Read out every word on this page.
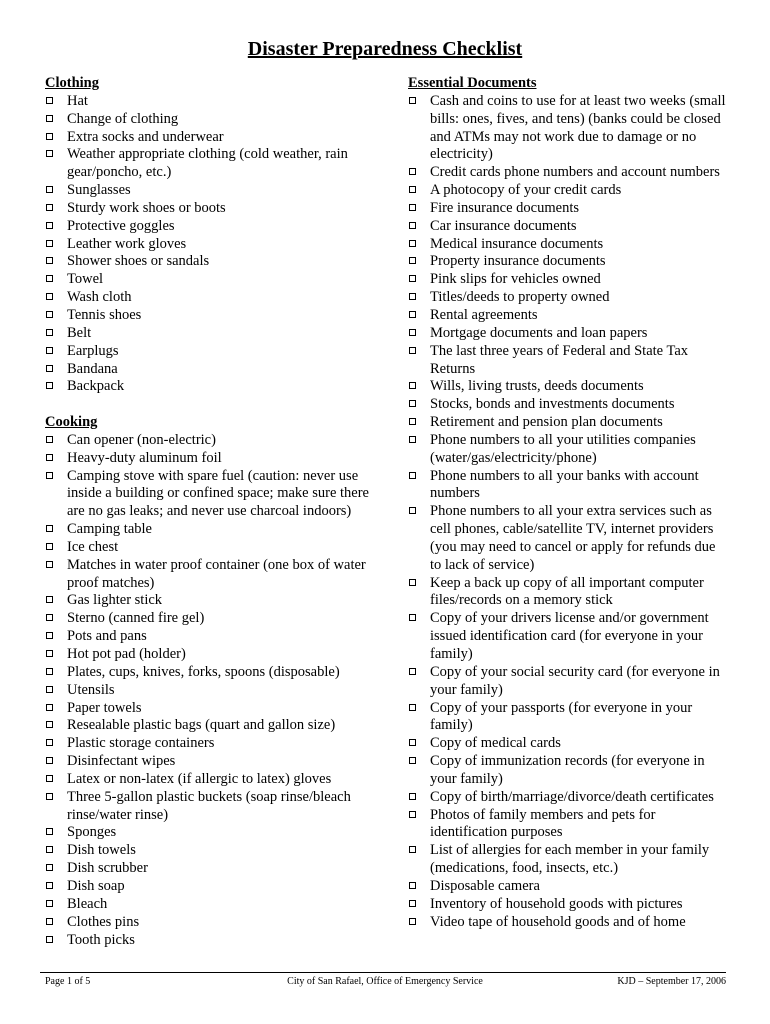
Disaster Preparedness Checklist
Clothing
Hat
Change of clothing
Extra socks and underwear
Weather appropriate clothing (cold weather, rain gear/poncho, etc.)
Sunglasses
Sturdy work shoes or boots
Protective goggles
Leather work gloves
Shower shoes or sandals
Towel
Wash cloth
Tennis shoes
Belt
Earplugs
Bandana
Backpack
Cooking
Can opener (non-electric)
Heavy-duty aluminum foil
Camping stove with spare fuel (caution: never use inside a building or confined space; make sure there are no gas leaks; and never use charcoal indoors)
Camping table
Ice chest
Matches in water proof container (one box of water proof matches)
Gas lighter stick
Sterno (canned fire gel)
Pots and pans
Hot pot pad (holder)
Plates, cups, knives, forks, spoons (disposable)
Utensils
Paper towels
Resealable plastic bags (quart and gallon size)
Plastic storage containers
Disinfectant wipes
Latex or non-latex (if allergic to latex) gloves
Three 5-gallon plastic buckets (soap rinse/bleach rinse/water rinse)
Sponges
Dish towels
Dish scrubber
Dish soap
Bleach
Clothes pins
Tooth picks
Essential Documents
Cash and coins to use for at least two weeks (small bills: ones, fives, and tens) (banks could be closed and ATMs may not work due to damage or no electricity)
Credit cards phone numbers and account numbers
A photocopy of your credit cards
Fire insurance documents
Car insurance documents
Medical insurance documents
Property insurance documents
Pink slips for vehicles owned
Titles/deeds to property owned
Rental agreements
Mortgage documents and loan papers
The last three years of Federal and State Tax Returns
Wills, living trusts, deeds documents
Stocks, bonds and investments documents
Retirement and pension plan documents
Phone numbers to all your utilities companies (water/gas/electricity/phone)
Phone numbers to all your banks with account numbers
Phone numbers to all your extra services such as cell phones, cable/satellite TV, internet providers (you may need to cancel or apply for refunds due to lack of service)
Keep a back up copy of all important computer files/records on a memory stick
Copy of your drivers license and/or government issued identification card (for everyone in your family)
Copy of your social security card (for everyone in your family)
Copy of your passports (for everyone in your family)
Copy of medical cards
Copy of immunization records (for everyone in your family)
Copy of birth/marriage/divorce/death certificates
Photos of family members and pets for identification purposes
List of allergies for each member in your family (medications, food, insects, etc.)
Disposable camera
Inventory of household goods with pictures
Video tape of household goods and of home
Page 1 of 5	City of San Rafael, Office of Emergency Service	KJD – September 17, 2006
